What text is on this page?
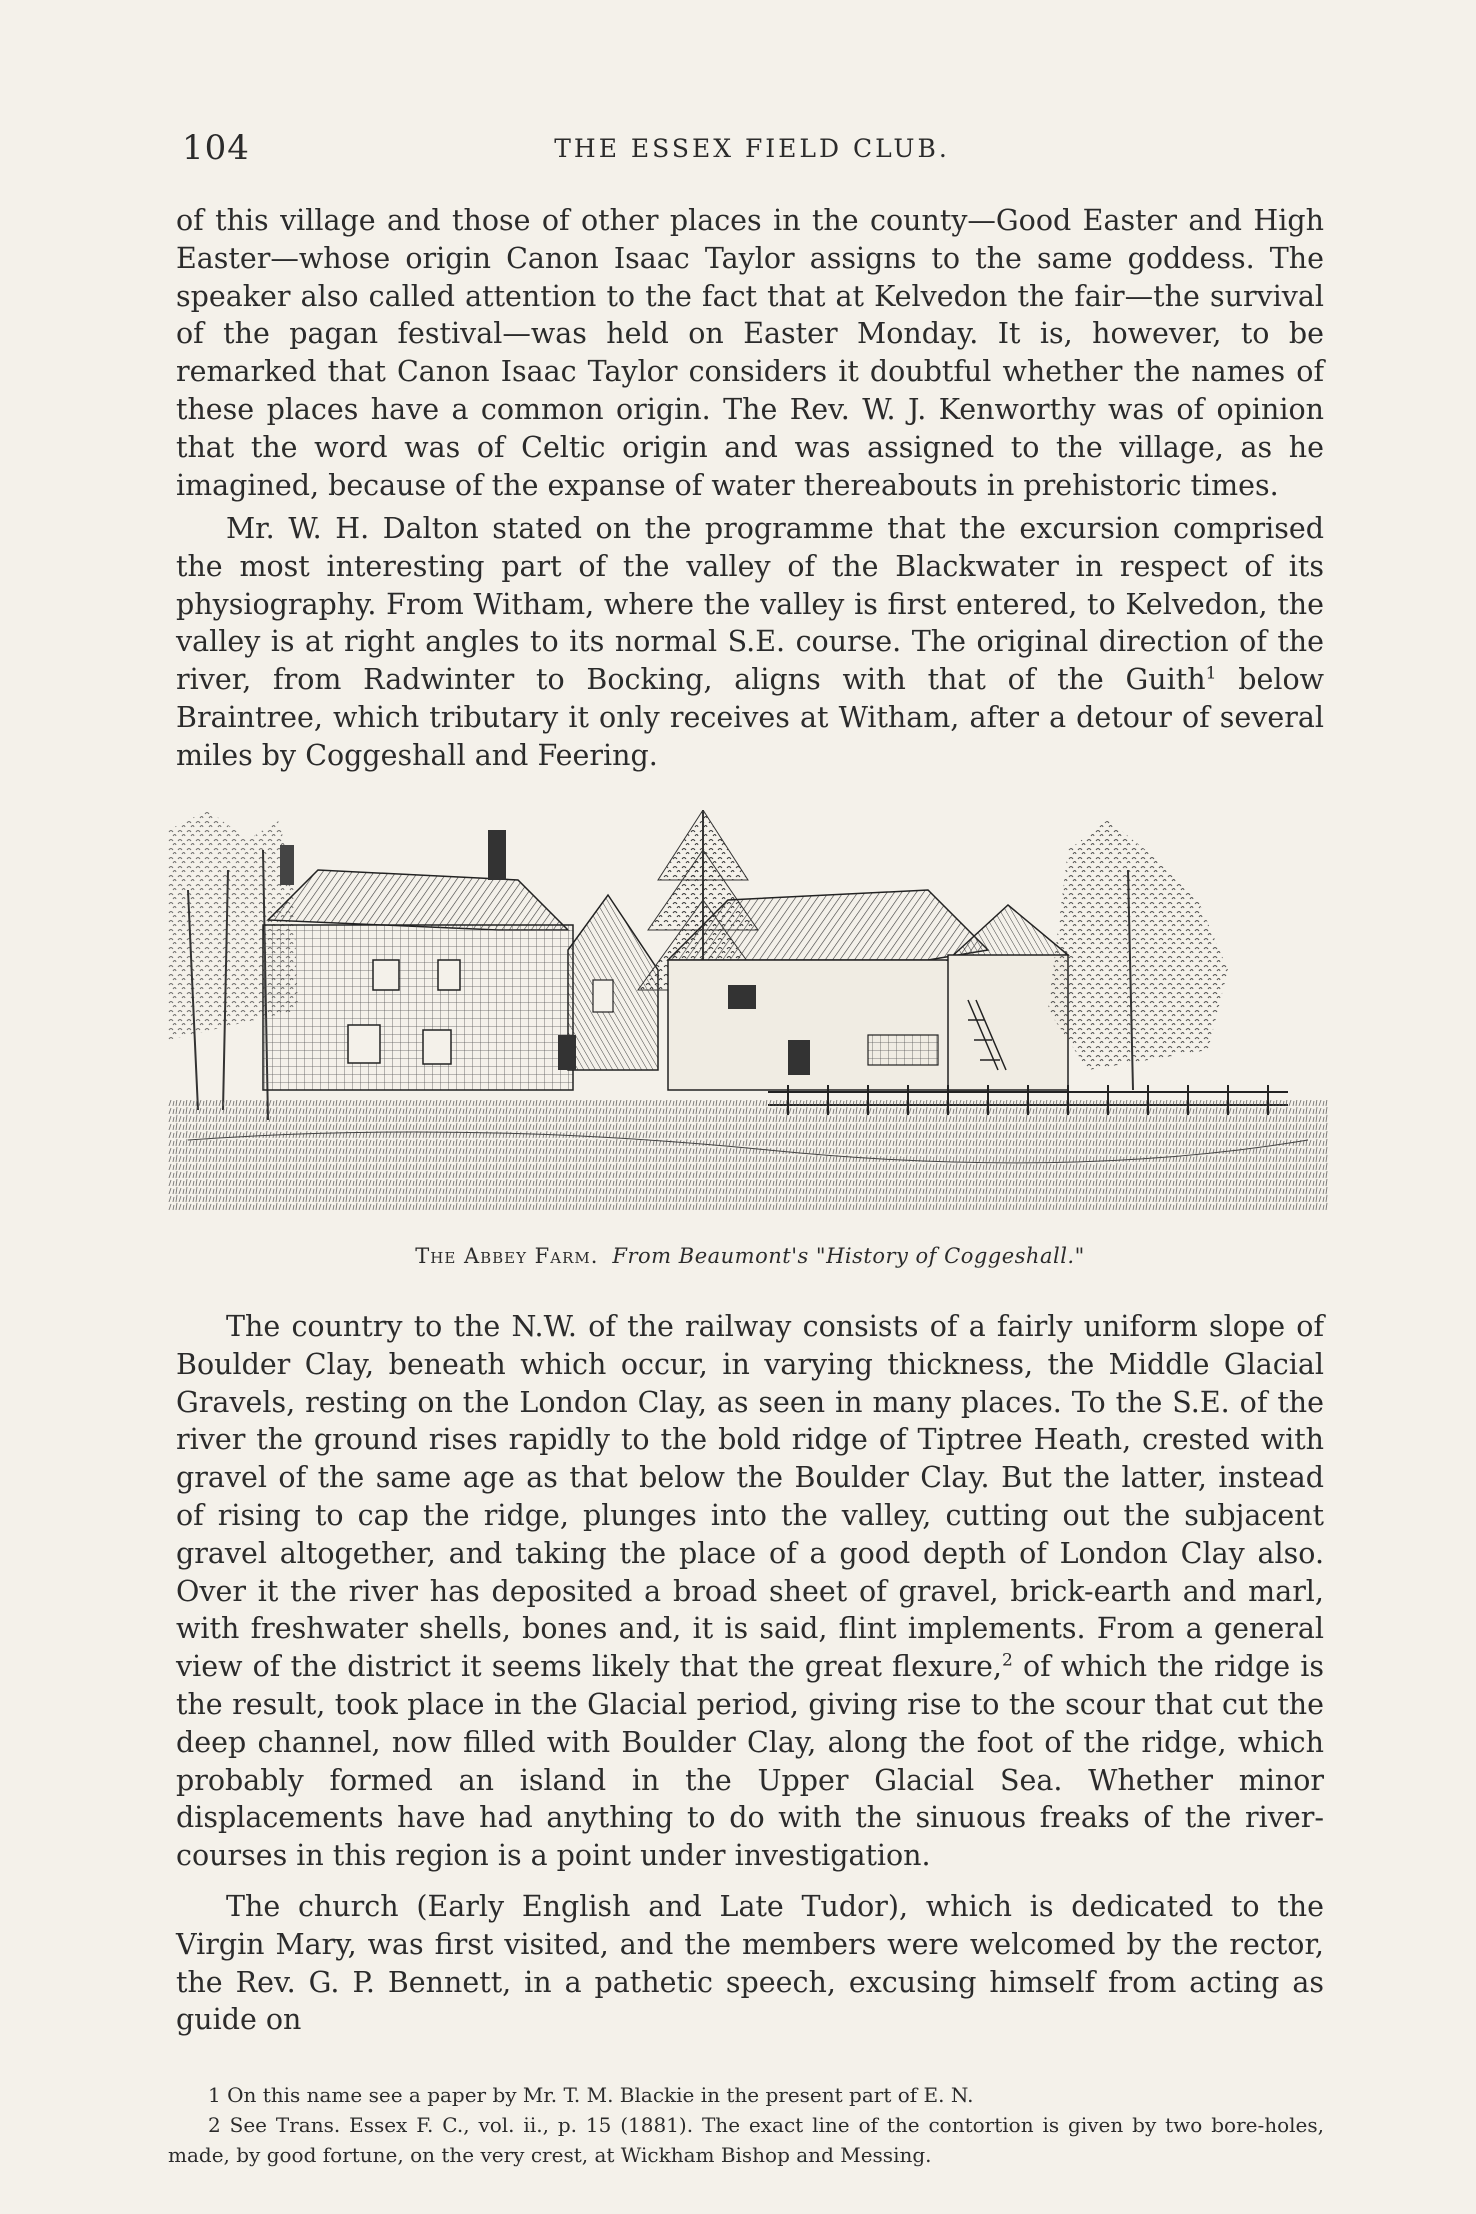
104	THE ESSEX FIELD CLUB.

of this village and those of other places in the county—Good Easter and High Easter—whose origin Canon Isaac Taylor assigns to the same goddess. The speaker also called attention to the fact that at Kelvedon the fair—the survival of the pagan festival—was held on Easter Monday. It is, however, to be remarked that Canon Isaac Taylor considers it doubtful whether the names of these places have a common origin. The Rev. W. J. Kenworthy was of opinion that the word was of Celtic origin and was assigned to the village, as he imagined, because of the expanse of water thereabouts in prehistoric times.

Mr. W. H. Dalton stated on the programme that the excursion comprised the most interesting part of the valley of the Blackwater in respect of its physiography. From Witham, where the valley is first entered, to Kelvedon, the valley is at right angles to its normal S.E. course. The original direction of the river, from Radwinter to Bocking, aligns with that of the Guith$^1$ below Braintree, which tributary it only receives at Witham, after a detour of several miles by Coggeshall and Feering.

The Abbey Farm. From Beaumont's "History of Coggeshall."

The country to the N.W. of the railway consists of a fairly uniform slope of Boulder Clay, beneath which occur, in varying thickness, the Middle Glacial Gravels, resting on the London Clay, as seen in many places. To the S.E. of the river the ground rises rapidly to the bold ridge of Tiptree Heath, crested with gravel of the same age as that below the Boulder Clay. But the latter, instead of rising to cap the ridge, plunges into the valley, cutting out the subjacent gravel altogether, and taking the place of a good depth of London Clay also. Over it the river has deposited a broad sheet of gravel, brick-earth and marl, with freshwater shells, bones and, it is said, flint implements. From a general view of the district it seems likely that the great flexure,$^2$ of which the ridge is the result, took place in the Glacial period, giving rise to the scour that cut the deep channel, now filled with Boulder Clay, along the foot of the ridge, which probably formed an island in the Upper Glacial Sea. Whether minor displacements have had anything to do with the sinuous freaks of the river-courses in this region is a point under investigation.

The church (Early English and Late Tudor), which is dedicated to the Virgin Mary, was first visited, and the members were welcomed by the rector, the Rev. G. P. Bennett, in a pathetic speech, excusing himself from acting as guide on

1 On this name see a paper by Mr. T. M. Blackie in the present part of E. N.

2 See Trans. Essex F. C., vol. ii., p. 15 (1881). The exact line of the contortion is given by two bore-holes, made, by good fortune, on the very crest, at Wickham Bishop and Messing.
